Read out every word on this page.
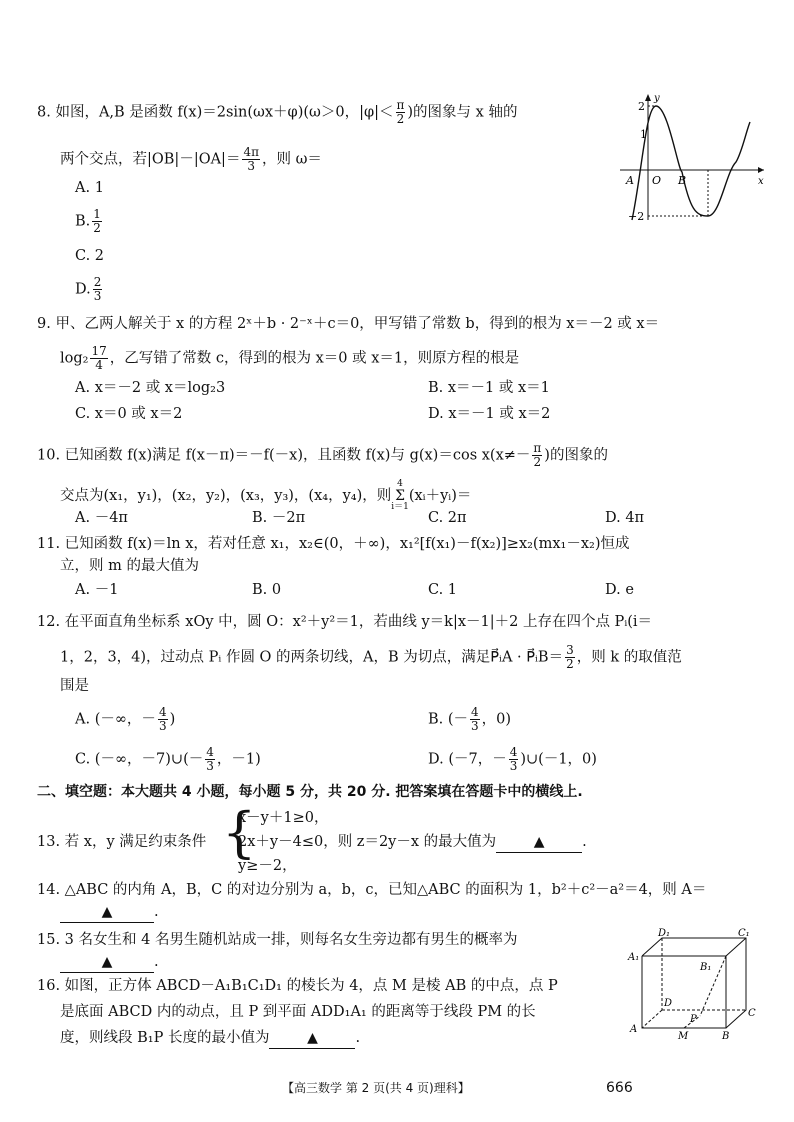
8. 如图，A,B 是函数 f(x)＝2sin(ωx＋φ)(ω＞0，$|\varphi|< \frac{\pi}{2}$ )的图象与 x 轴的
两个交点，若$|OB|-|OA|= \frac{4\pi}{3}$ ，则 ω＝
A. 1
B. $\frac{1}{2}$
C. 2
D. $\frac{2}{3}$
y
x
2
1
−2
A O B
9. 甲、乙两人解关于 x 的方程 2ˣ＋b · 2⁻ˣ＋c＝0，甲写错了常数 b，得到的根为 x＝－2 或 x＝
$\log_2 \frac{17}{4}$ ，乙写错了常数 c，得到的根为 x＝0 或 x＝1，则原方程的根是
A. x＝－2 或 x＝log₂3	B. x＝－1 或 x＝1
C. x＝0 或 x＝2	D. x＝－1 或 x＝2
10. 已知函数 f(x)满足 f(x－π)＝－f(－x)，且函数 f(x)与 g(x)＝cos $x(x\ne- \frac{\pi}{2}$ )的图象的
交点为(x₁，y₁)，(x₂，y₂)，(x₃，y₃)，(x₄，y₄)，则
4
Σ
i＝1
(xᵢ＋yᵢ)＝
A. －4π	B. －2π	C. 2π	D. 4π
11. 已知函数 f(x)＝ln x，若对任意 x₁，x₂∈(0，＋∞)，x₁²[f(x₁)－f(x₂)]≥x₂(mx₁－x₂)恒成
立，则 m 的最大值为
A. －1	B. 0	C. 1	D. e
12. 在平面直角坐标系 xOy 中，圆 O：x²＋y²＝1，若曲线 y＝k|x－1|＋2 上存在四个点 Pᵢ(i＝
1，2，3，4)，过动点 Pᵢ 作圆 O 的两条切线，A，B 为切点，满足P⃗ᵢA · P⃗ᵢB＝ $\frac{3}{2}$ ，则 k 的取值范
围是
A. (－∞，－ $\frac{4}{3}$ )	B. (－ $\frac{4}{3}$ ，0)
C. (－∞，－7)∪(－ $\frac{4}{3}$ ，－1)	D. (－7，－ $\frac{4}{3}$ )∪(－1，0)
二、填空题：本大题共 4 小题，每小题 5 分，共 20 分. 把答案填在答题卡中的横线上.
13. 若 x，y 满足约束条件 {
x－y＋1≥0，
2x＋y－4≤0，则 z＝2y－x 的最大值为	▲	.
y≥－2，
14. △ABC 的内角 A，B，C 的对边分别为 a，b，c，已知△ABC 的面积为 1，b²＋c²－a²＝4，则 A＝
▲	.
15. 3 名女生和 4 名男生随机站成一排，则每名女生旁边都有男生的概率为
▲	.
16. 如图，正方体 ABCD－A₁B₁C₁D₁ 的棱长为 4，点 M 是棱 AB 的中点，点 P
是底面 ABCD 内的动点，且 P 到平面 ADD₁A₁ 的距离等于线段 PM 的长
度，则线段 B₁P 长度的最小值为	▲	.
D₁	C₁
A₁
B₁
D
C
A
B
P
M
【高三数学 第 2 页(共 4 页)理科】	666
